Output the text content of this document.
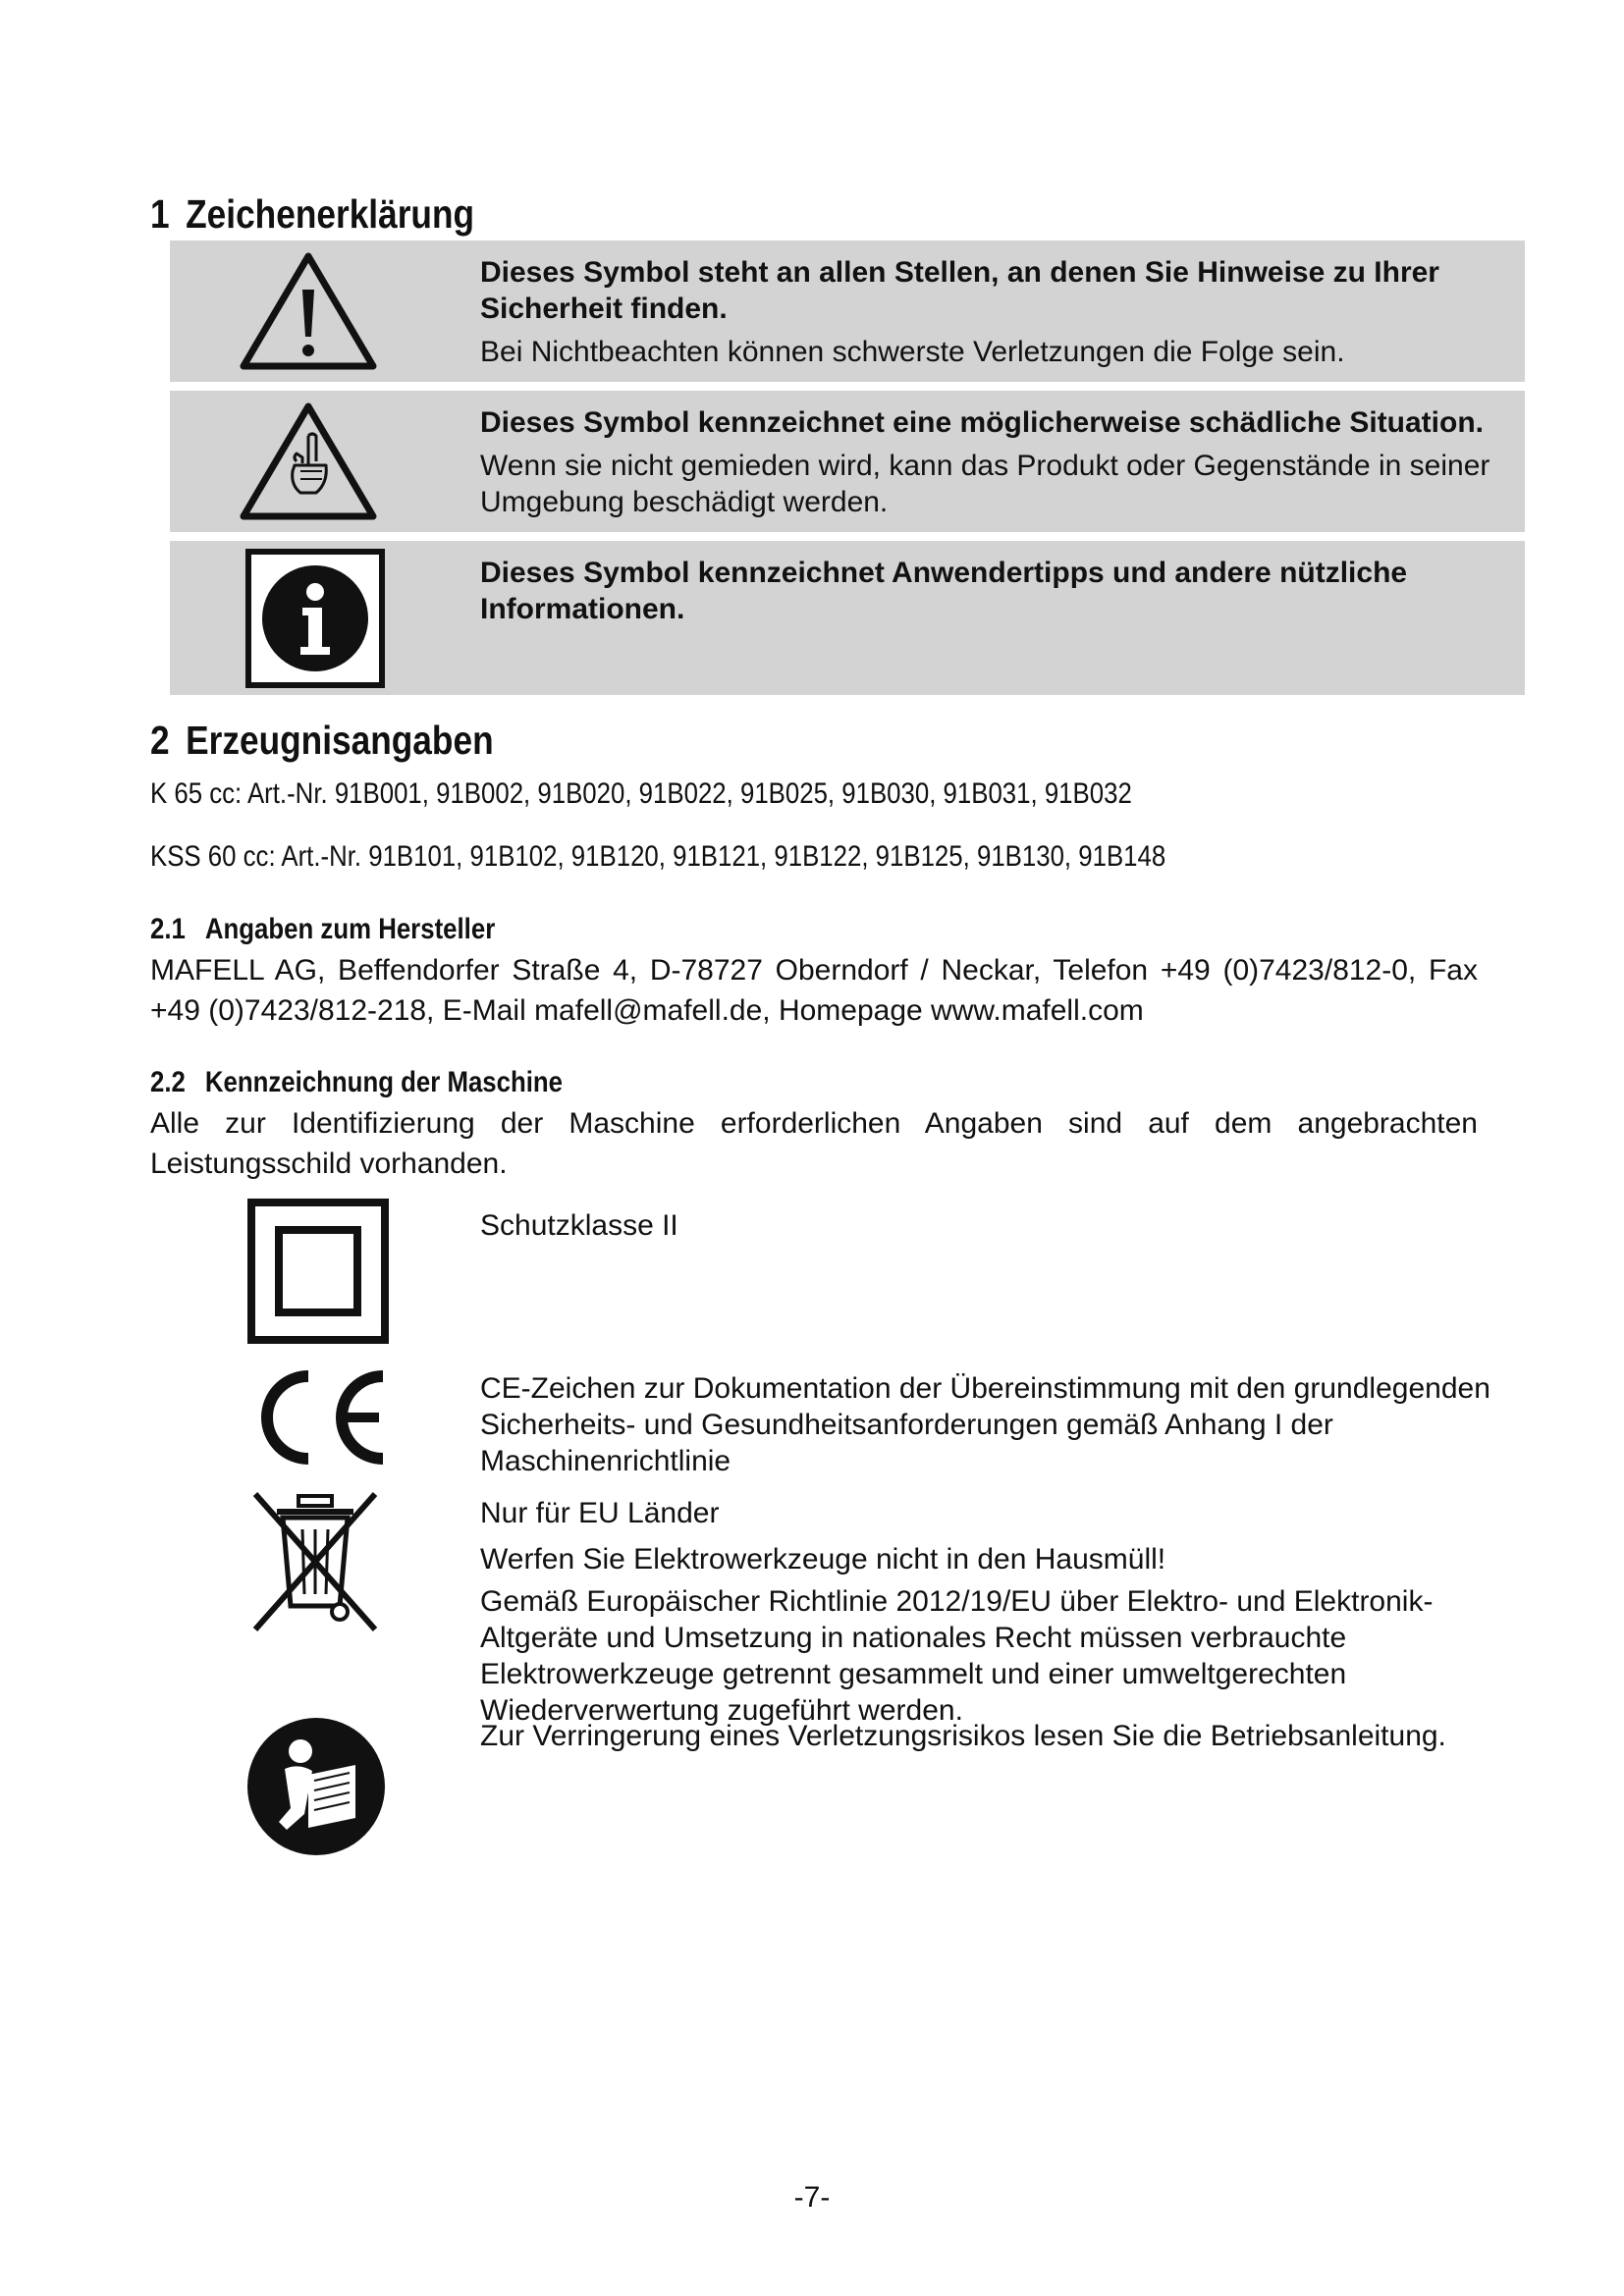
1 Zeichenerklärung
Dieses Symbol steht an allen Stellen, an denen Sie Hinweise zu Ihrer Sicherheit finden.
Bei Nichtbeachten können schwerste Verletzungen die Folge sein.
Dieses Symbol kennzeichnet eine möglicherweise schädliche Situation.
Wenn sie nicht gemieden wird, kann das Produkt oder Gegenstände in seiner Umgebung beschädigt werden.
Dieses Symbol kennzeichnet Anwendertipps und andere nützliche Informationen.
2 Erzeugnisangaben
K 65 cc: Art.-Nr. 91B001, 91B002, 91B020, 91B022, 91B025, 91B030, 91B031, 91B032
KSS 60 cc: Art.-Nr. 91B101, 91B102, 91B120, 91B121, 91B122, 91B125, 91B130, 91B148
2.1 Angaben zum Hersteller
MAFELL AG, Beffendorfer Straße 4, D-78727 Oberndorf / Neckar, Telefon +49 (0)7423/812-0, Fax +49 (0)7423/812-218, E-Mail mafell@mafell.de, Homepage www.mafell.com
2.2 Kennzeichnung der Maschine
Alle zur Identifizierung der Maschine erforderlichen Angaben sind auf dem angebrachten Leistungsschild vorhanden.
Schutzklasse II
CE-Zeichen zur Dokumentation der Übereinstimmung mit den grundlegenden Sicherheits- und Gesundheitsanforderungen gemäß Anhang I der Maschinenrichtlinie
Nur für EU Länder
Werfen Sie Elektrowerkzeuge nicht in den Hausmüll!
Gemäß Europäischer Richtlinie 2012/19/EU über Elektro- und Elektronik- Altgeräte und Umsetzung in nationales Recht müssen verbrauchte Elektrowerkzeuge getrennt gesammelt und einer umweltgerechten Wiederverwertung zugeführt werden.
Zur Verringerung eines Verletzungsrisikos lesen Sie die Betriebsanleitung.
-7-
